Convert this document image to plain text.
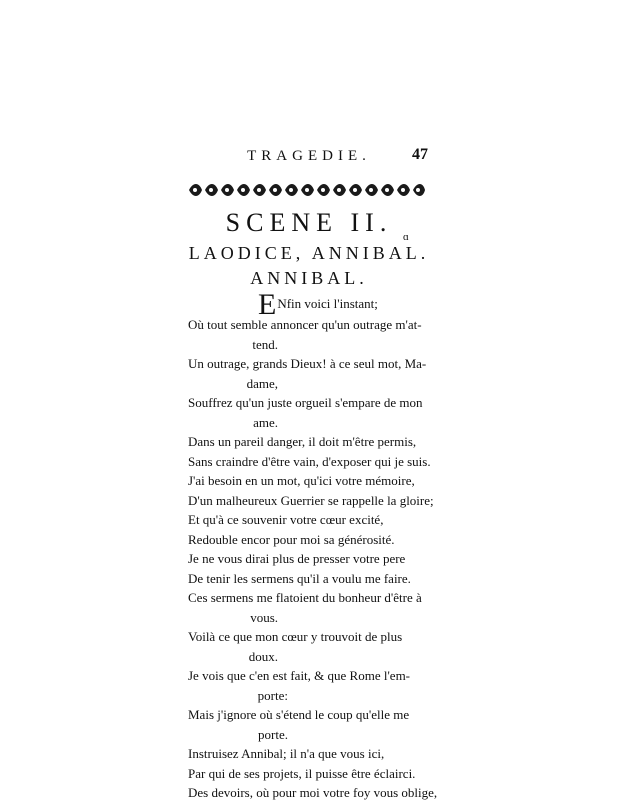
TRAGEDIE.	47
SCENE II. ɑ
LAODICE, ANNIBAL.
ANNIBAL.
ENfin voici l'instant;
Où tout semble annoncer qu'un outrage m'at-
tend.
Un outrage, grands Dieux! à ce seul mot, Ma-
dame,
Souffrez qu'un juste orgueil s'empare de mon
ame.
Dans un pareil danger, il doit m'être permis,
Sans craindre d'être vain, d'exposer qui je suis.
J'ai besoin en un mot, qu'ici votre mémoire,
D'un malheureux Guerrier se rappelle la gloire;
Et qu'à ce souvenir votre cœur excité,
Redouble encor pour moi sa générosité.
Je ne vous dirai plus de presser votre pere
De tenir les sermens qu'il a voulu me faire.
Ces sermens me flatoient du bonheur d'être à
vous.
Voilà ce que mon cœur y trouvoit de plus
doux.
Je vois que c'en est fait, & que Rome l'em-
porte:
Mais j'ignore où s'étend le coup qu'elle me
porte.
Instruisez Annibal; il n'a que vous ici,
Par qui de ses projets, il puisse être éclairci.
Des devoirs, où pour moi votre foy vous oblige,
